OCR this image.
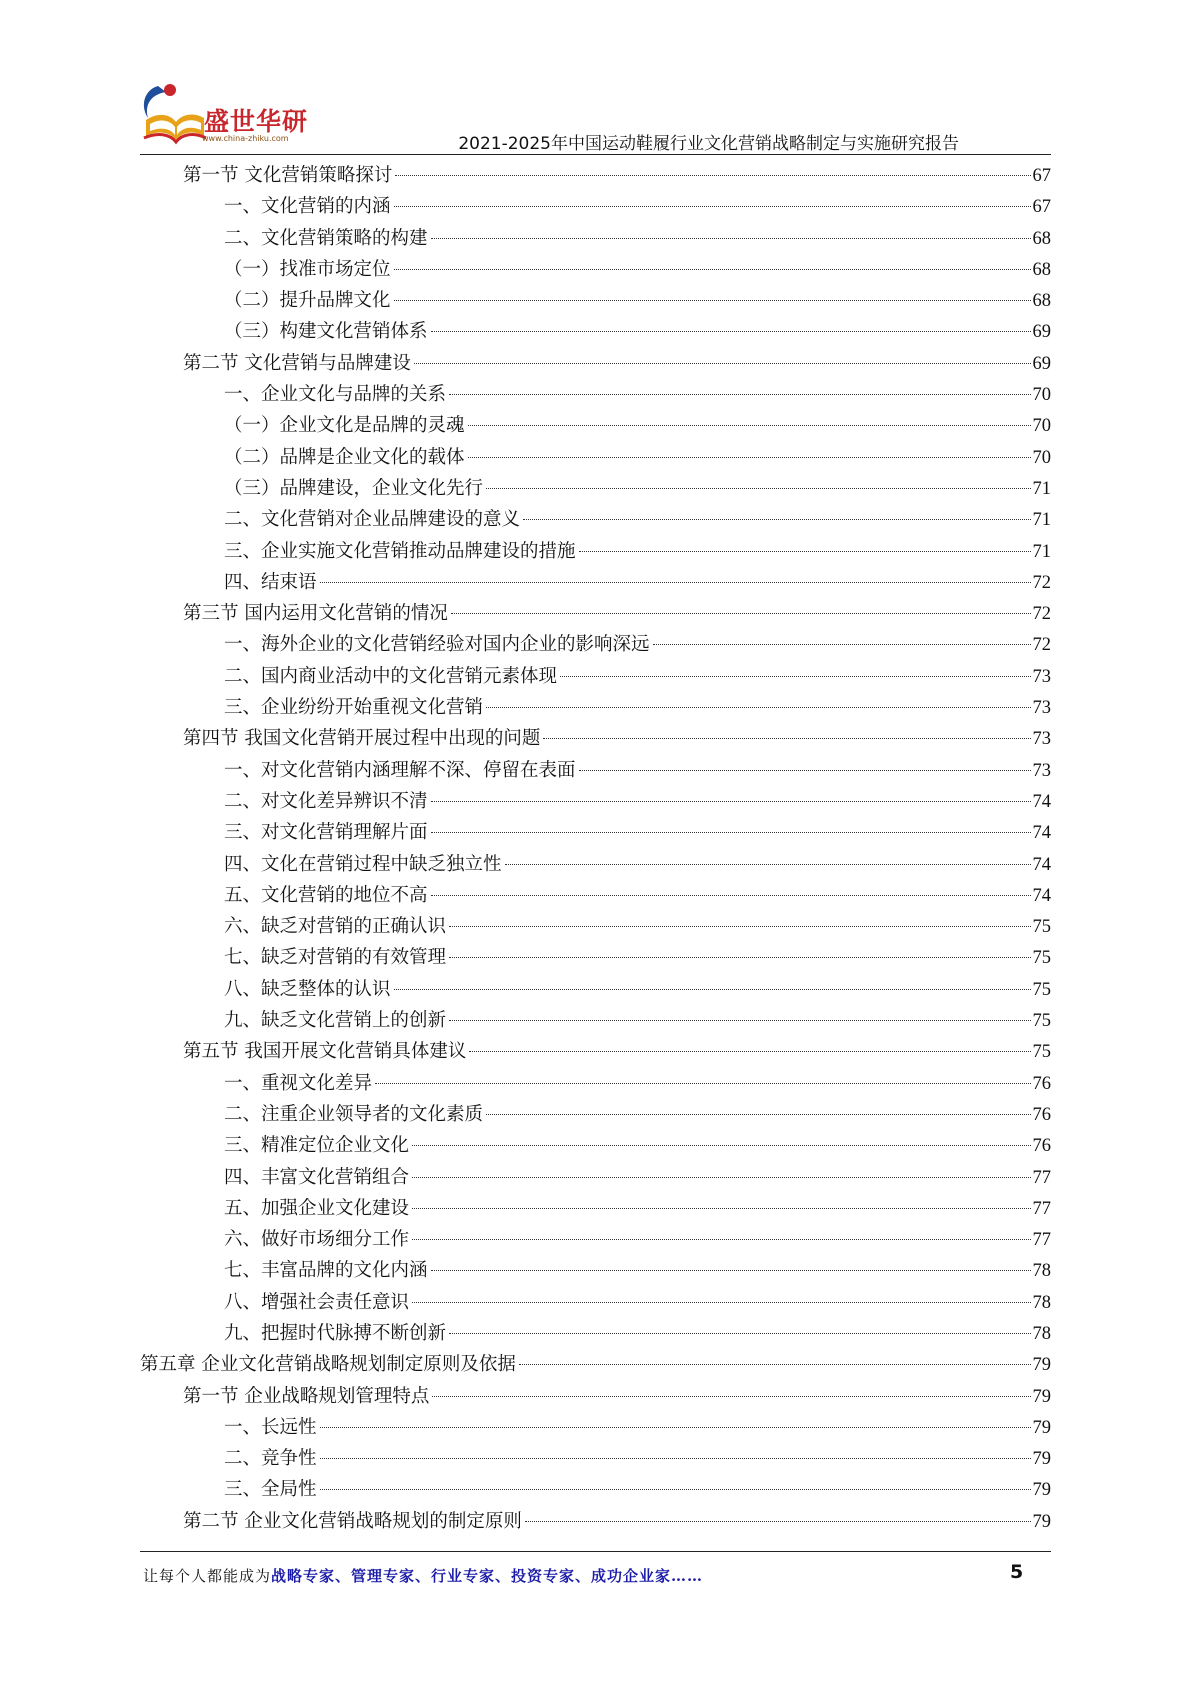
盛世华研
www.china-zhiku.com	2021-2025年中国运动鞋履行业文化营销战略制定与实施研究报告
第一节 文化营销策略探讨	67
一、文化营销的内涵	67
二、文化营销策略的构建	68
（一）找准市场定位	68
（二）提升品牌文化	68
（三）构建文化营销体系	69
第二节 文化营销与品牌建设	69
一、企业文化与品牌的关系	70
（一）企业文化是品牌的灵魂	70
（二）品牌是企业文化的载体	70
（三）品牌建设，企业文化先行	71
二、文化营销对企业品牌建设的意义	71
三、企业实施文化营销推动品牌建设的措施	71
四、结束语	72
第三节 国内运用文化营销的情况	72
一、海外企业的文化营销经验对国内企业的影响深远	72
二、国内商业活动中的文化营销元素体现	73
三、企业纷纷开始重视文化营销	73
第四节 我国文化营销开展过程中出现的问题	73
一、对文化营销内涵理解不深、停留在表面	73
二、对文化差异辨识不清	74
三、对文化营销理解片面	74
四、文化在营销过程中缺乏独立性	74
五、文化营销的地位不高	74
六、缺乏对营销的正确认识	75
七、缺乏对营销的有效管理	75
八、缺乏整体的认识	75
九、缺乏文化营销上的创新	75
第五节 我国开展文化营销具体建议	75
一、重视文化差异	76
二、注重企业领导者的文化素质	76
三、精准定位企业文化	76
四、丰富文化营销组合	77
五、加强企业文化建设	77
六、做好市场细分工作	77
七、丰富品牌的文化内涵	78
八、增强社会责任意识	78
九、把握时代脉搏不断创新	78
第五章 企业文化营销战略规划制定原则及依据	79
第一节 企业战略规划管理特点	79
一、长远性	79
二、竞争性	79
三、全局性	79
第二节 企业文化营销战略规划的制定原则	79
让每个人都能成为战略专家、管理专家、行业专家、投资专家、成功企业家……	5
